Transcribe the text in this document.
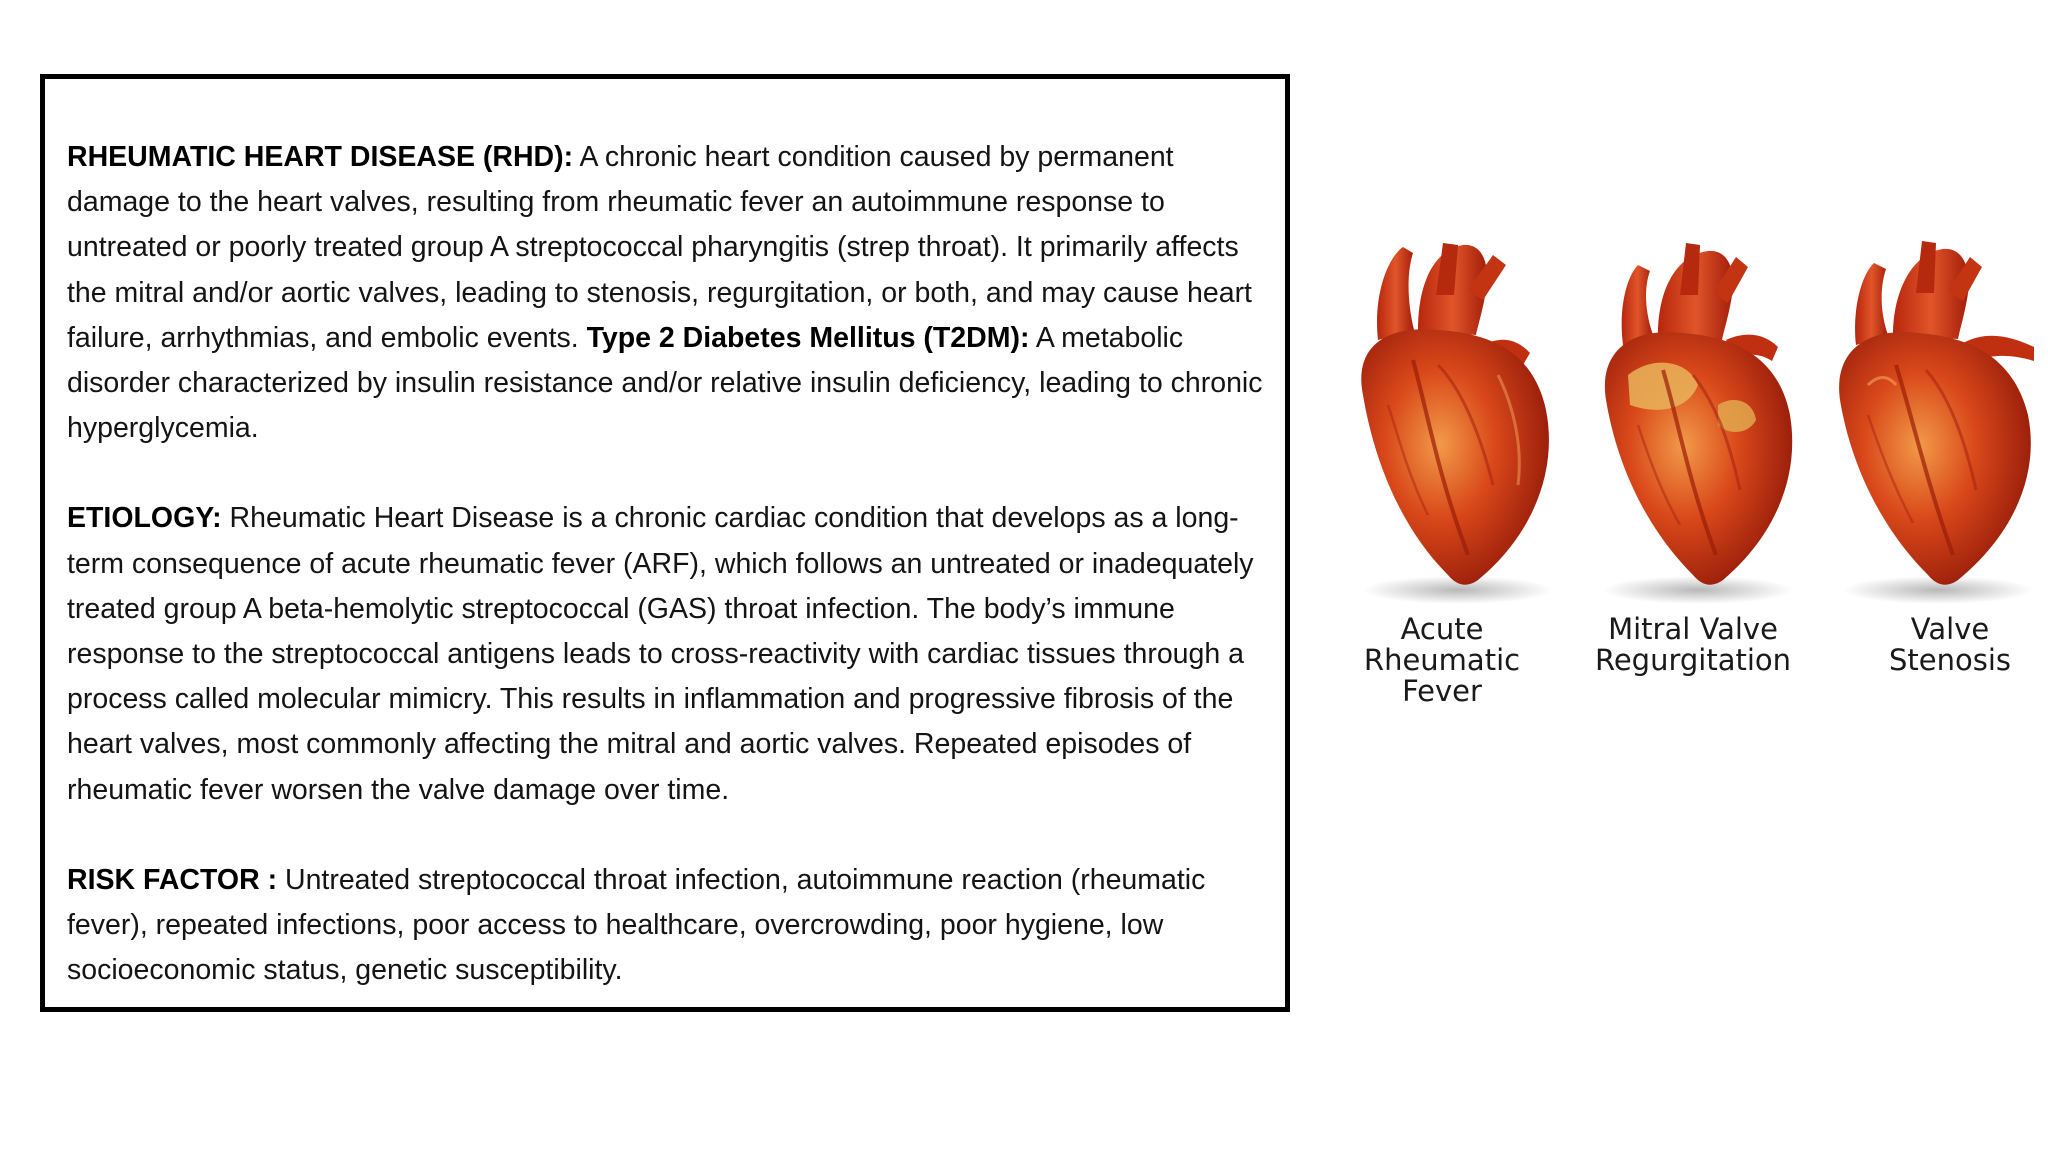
RHEUMATIC HEART DISEASE (RHD): A chronic heart condition caused by permanent damage to the heart valves, resulting from rheumatic fever an autoimmune response to untreated or poorly treated group A streptococcal pharyngitis (strep throat). It primarily affects the mitral and/or aortic valves, leading to stenosis, regurgitation, or both, and may cause heart failure, arrhythmias, and embolic events. Type 2 Diabetes Mellitus (T2DM): A metabolic disorder characterized by insulin resistance and/or relative insulin deficiency, leading to chronic hyperglycemia.

ETIOLOGY: Rheumatic Heart Disease is a chronic cardiac condition that develops as a long-term consequence of acute rheumatic fever (ARF), which follows an untreated or inadequately treated group A beta-hemolytic streptococcal (GAS) throat infection. The body’s immune response to the streptococcal antigens leads to cross-reactivity with cardiac tissues through a process called molecular mimicry. This results in inflammation and progressive fibrosis of the heart valves, most commonly affecting the mitral and aortic valves. Repeated episodes of rheumatic fever worsen the valve damage over time.

RISK FACTOR : Untreated streptococcal throat infection, autoimmune reaction (rheumatic fever), repeated infections, poor access to healthcare, overcrowding, poor hygiene, low socioeconomic status, genetic susceptibility.

Acute
Rheumatic
Fever
Mitral Valve
Regurgitation
Valve
Stenosis
